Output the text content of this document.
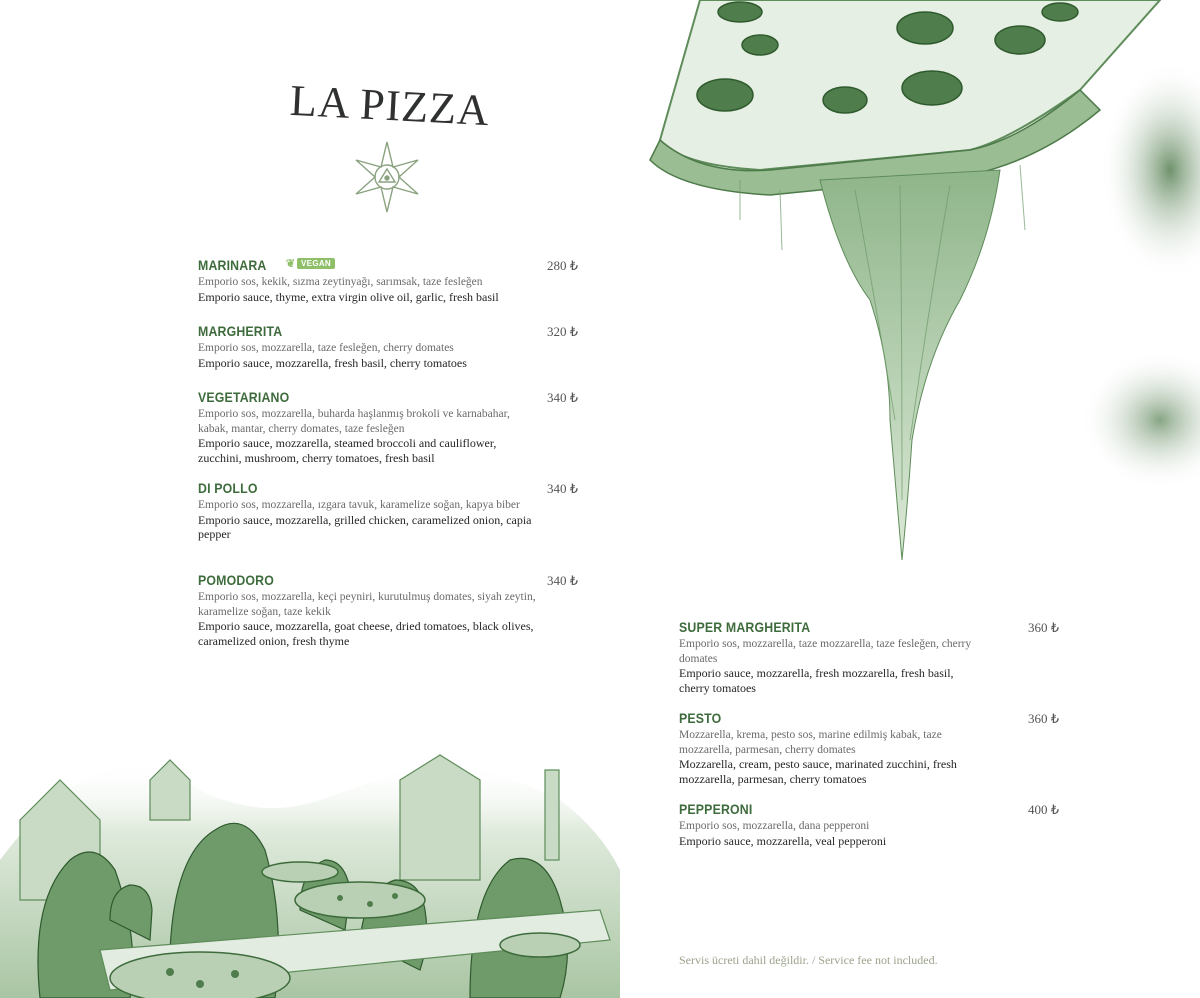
LA PIZZA
MARINARA ❦ VEGAN	280 ₺
Emporio sos, kekik, sızma zeytinyağı, sarımsak, taze fesleğen
Emporio sauce, thyme, extra virgin olive oil, garlic, fresh basil
MARGHERITA	320 ₺
Emporio sos, mozzarella, taze fesleğen, cherry domates
Emporio sauce, mozzarella, fresh basil, cherry tomatoes
VEGETARIANO	340 ₺
Emporio sos, mozzarella, buharda haşlanmış brokoli ve karnabahar, kabak, mantar, cherry domates, taze fesleğen
Emporio sauce, mozzarella, steamed broccoli and cauliflower, zucchini, mushroom, cherry tomatoes, fresh basil
DI POLLO	340 ₺
Emporio sos, mozzarella, ızgara tavuk, karamelize soğan, kapya biber
Emporio sauce, mozzarella, grilled chicken, caramelized onion, capia pepper
POMODORO	340 ₺
Emporio sos, mozzarella, keçi peyniri, kurutulmuş domates, siyah zeytin, karamelize soğan, taze kekik
Emporio sauce, mozzarella, goat cheese, dried tomatoes, black olives, caramelized onion, fresh thyme
SUPER MARGHERITA	360 ₺
Emporio sos, mozzarella, taze mozzarella, taze fesleğen, cherry domates
Emporio sauce, mozzarella, fresh mozzarella, fresh basil, cherry tomatoes
PESTO	360 ₺
Mozzarella, krema, pesto sos, marine edilmiş kabak, taze mozzarella, parmesan, cherry domates
Mozzarella, cream, pesto sauce, marinated zucchini, fresh mozzarella, parmesan, cherry tomatoes
PEPPERONI	400 ₺
Emporio sos, mozzarella, dana pepperoni
Emporio sauce, mozzarella, veal pepperoni
Servis ücreti dahil değildir. / Service fee not included.
